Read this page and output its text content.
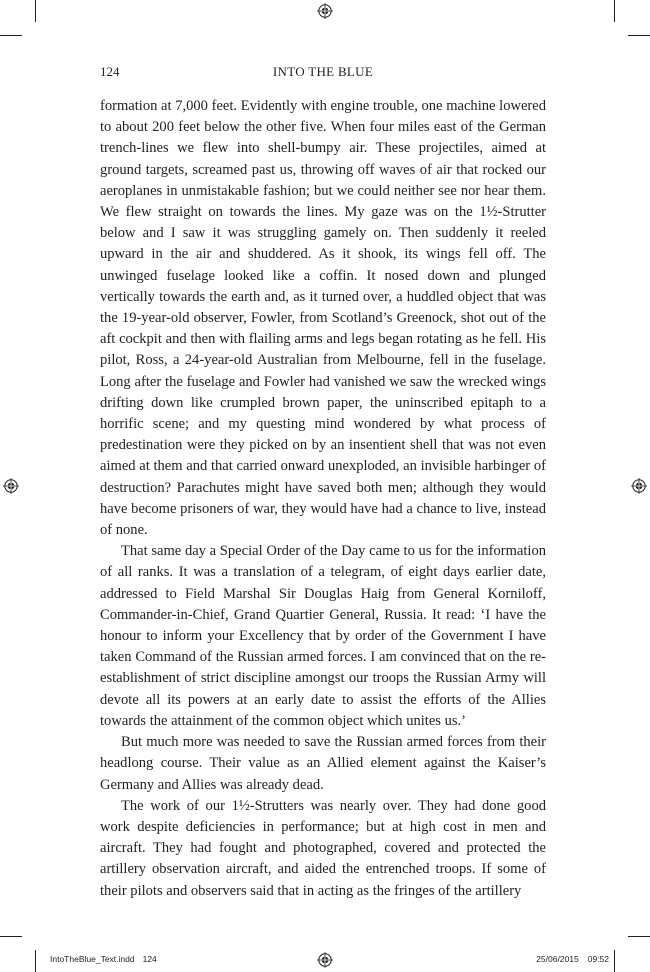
124	INTO THE BLUE

formation at 7,000 feet. Evidently with engine trouble, one machine lowered to about 200 feet below the other five. When four miles east of the German trench-lines we flew into shell-bumpy air. These projectiles, aimed at ground targets, screamed past us, throwing off waves of air that rocked our aeroplanes in unmistakable fashion; but we could neither see nor hear them. We flew straight on towards the lines. My gaze was on the 1½-Strutter below and I saw it was struggling gamely on. Then suddenly it reeled upward in the air and shuddered. As it shook, its wings fell off. The unwinged fuselage looked like a coffin. It nosed down and plunged vertically towards the earth and, as it turned over, a huddled object that was the 19-year-old observer, Fowler, from Scotland’s Greenock, shot out of the aft cockpit and then with flailing arms and legs began rotating as he fell. His pilot, Ross, a 24-year-old Australian from Melbourne, fell in the fuselage. Long after the fuselage and Fowler had vanished we saw the wrecked wings drifting down like crumpled brown paper, the uninscribed epitaph to a horrific scene; and my questing mind wondered by what process of predestination were they picked on by an insentient shell that was not even aimed at them and that carried onward unexploded, an invisible harbinger of destruction? Parachutes might have saved both men; although they would have become prisoners of war, they would have had a chance to live, instead of none.

That same day a Special Order of the Day came to us for the information of all ranks. It was a translation of a telegram, of eight days earlier date, addressed to Field Marshal Sir Douglas Haig from General Korniloff, Commander-in-Chief, Grand Quartier General, Russia. It read: ‘I have the honour to inform your Excellency that by order of the Government I have taken Command of the Russian armed forces. I am convinced that on the re-establishment of strict discipline amongst our troops the Russian Army will devote all its powers at an early date to assist the efforts of the Allies towards the attainment of the common object which unites us.’

But much more was needed to save the Russian armed forces from their headlong course. Their value as an Allied element against the Kaiser’s Germany and Allies was already dead.

The work of our 1½-Strutters was nearly over. They had done good work despite deficiencies in performance; but at high cost in men and aircraft. They had fought and photographed, covered and protected the artillery observation aircraft, and aided the entrenched troops. If some of their pilots and observers said that in acting as the fringes of the artillery

IntoTheBlue_Text.indd 124	25/06/2015 09:52
